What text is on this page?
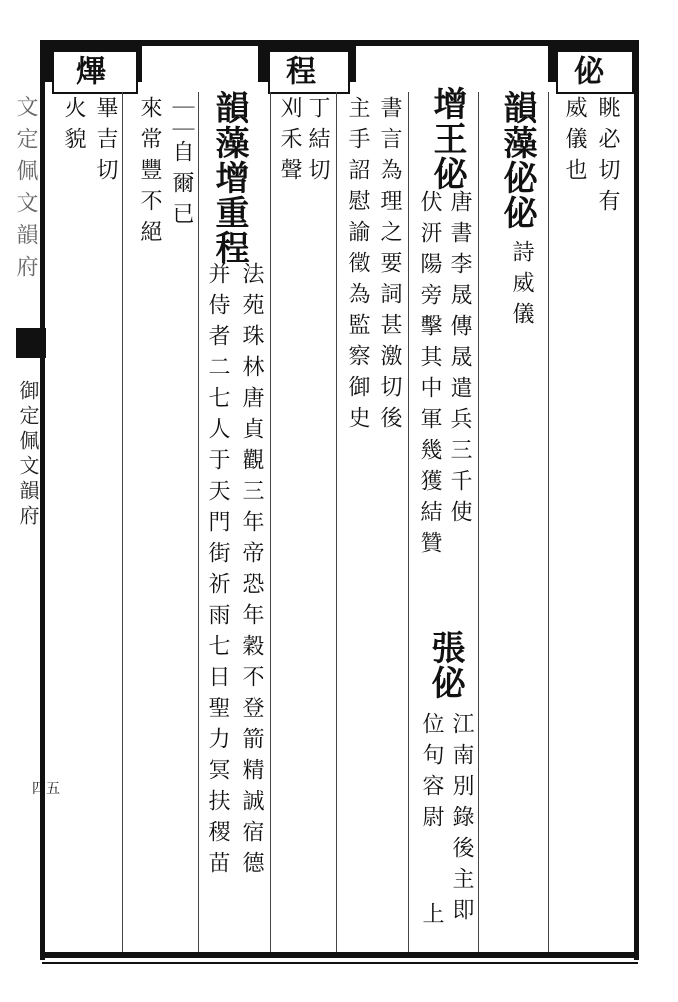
文定佩文韻府
御定佩文韻府
四五
佖
眺必切有
威儀也
韻藻佖佖
詩威儀
增王佖
唐書李晟傳晟遣兵三千使
伏汧陽旁擊其中軍幾獲結贊
張佖
江南別錄後主即
位句容尉
上
書言為理之要詞甚激切後
主手詔慰諭徵為監察御史
程
丁結切
刈禾聲
韻藻增重程
法苑珠林唐貞觀三年帝恐年穀不登箭精誠宿德
并侍者二七人于天門街祈雨七日聖力冥扶稷苗
｜｜自爾已
來常豐不絕
熚
畢吉切
火貌
